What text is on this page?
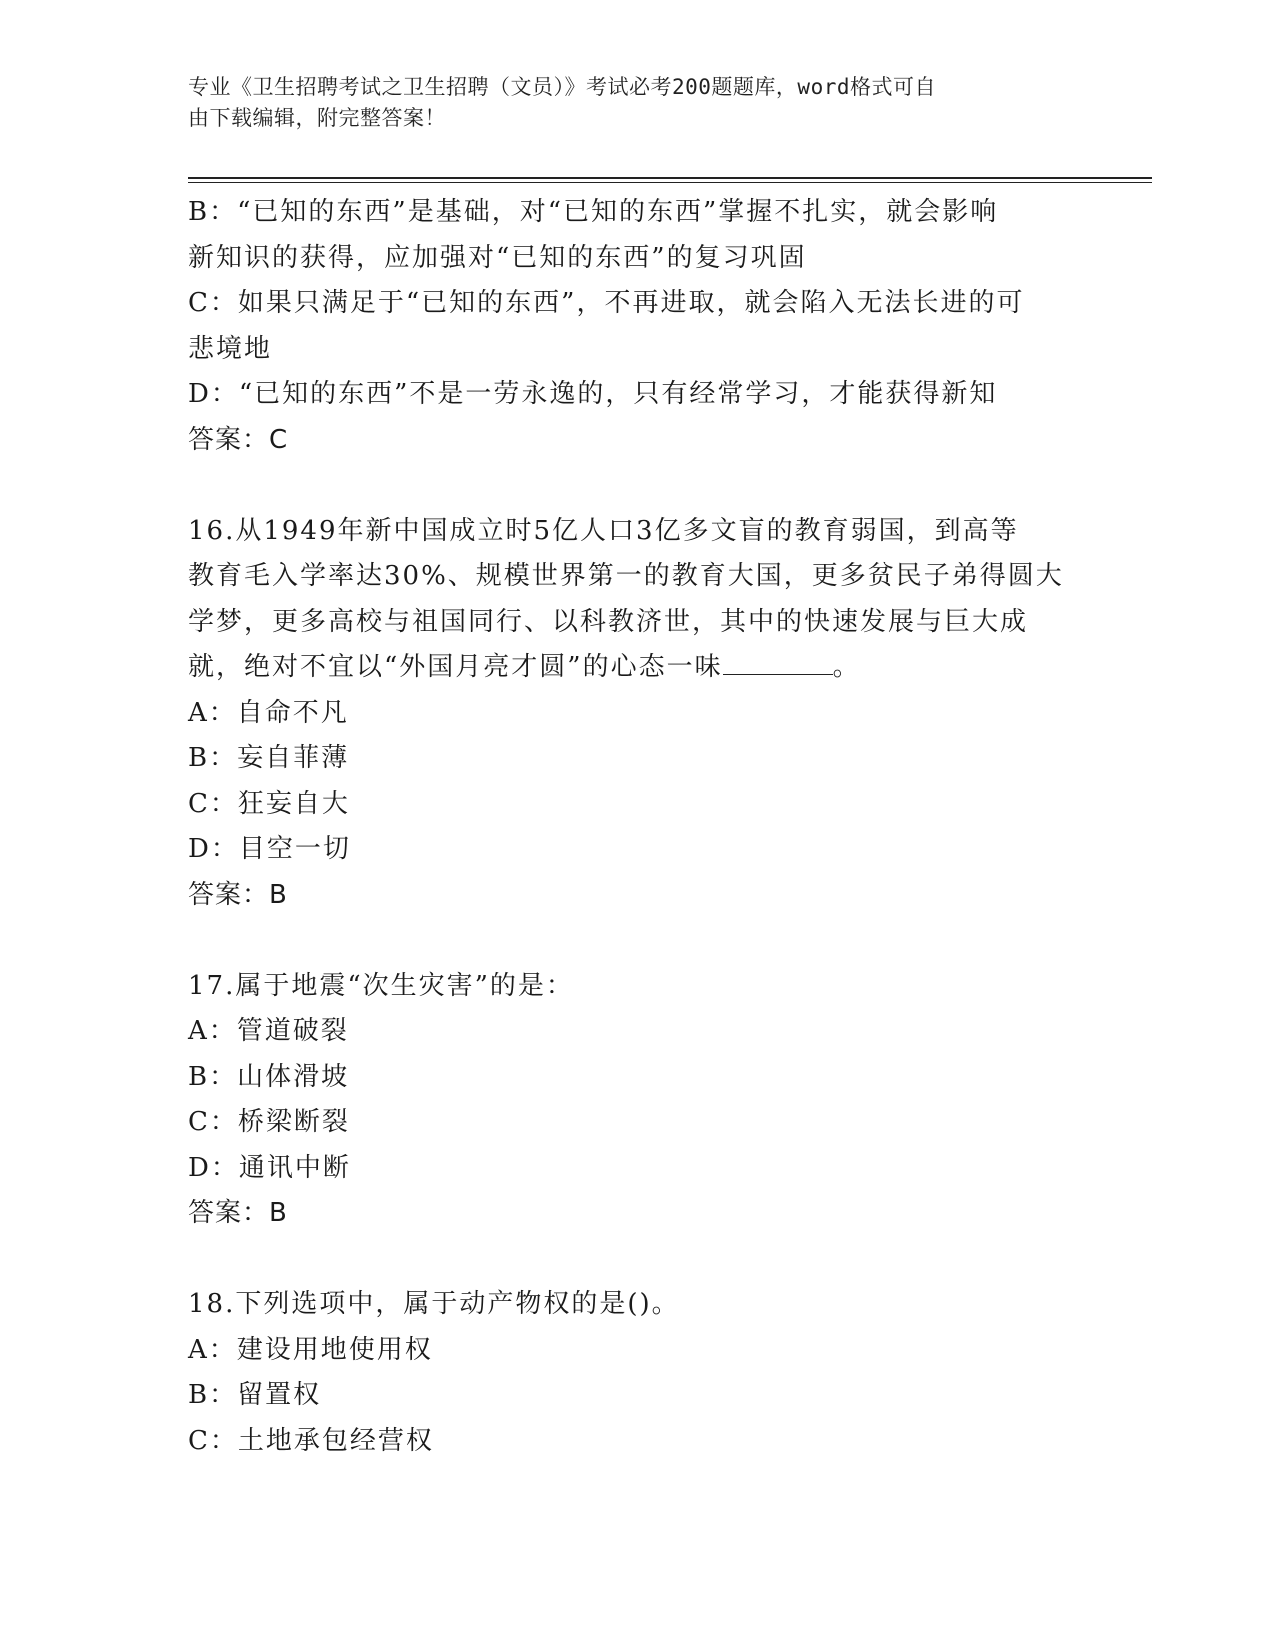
专业《卫生招聘考试之卫生招聘（文员）》考试必考200题题库，word格式可自
由下载编辑，附完整答案！
B：“已知的东西”是基础，对“已知的东西”掌握不扎实，就会影响
新知识的获得，应加强对“已知的东西”的复习巩固
C：如果只满足于“已知的东西”，不再进取，就会陷入无法长进的可
悲境地
D：“已知的东西”不是一劳永逸的，只有经常学习，才能获得新知
答案：C
16.从1949年新中国成立时5亿人口3亿多文盲的教育弱国，到高等
教育毛入学率达30%、规模世界第一的教育大国，更多贫民子弟得圆大
学梦，更多高校与祖国同行、以科教济世，其中的快速发展与巨大成
就，绝对不宜以“外国月亮才圆”的心态一味	。
A：自命不凡
B：妄自菲薄
C：狂妄自大
D：目空一切
答案：B
17.属于地震“次生灾害”的是：
A：管道破裂
B：山体滑坡
C：桥梁断裂
D：通讯中断
答案：B
18.下列选项中，属于动产物权的是()。
A：建设用地使用权
B：留置权
C：土地承包经营权
